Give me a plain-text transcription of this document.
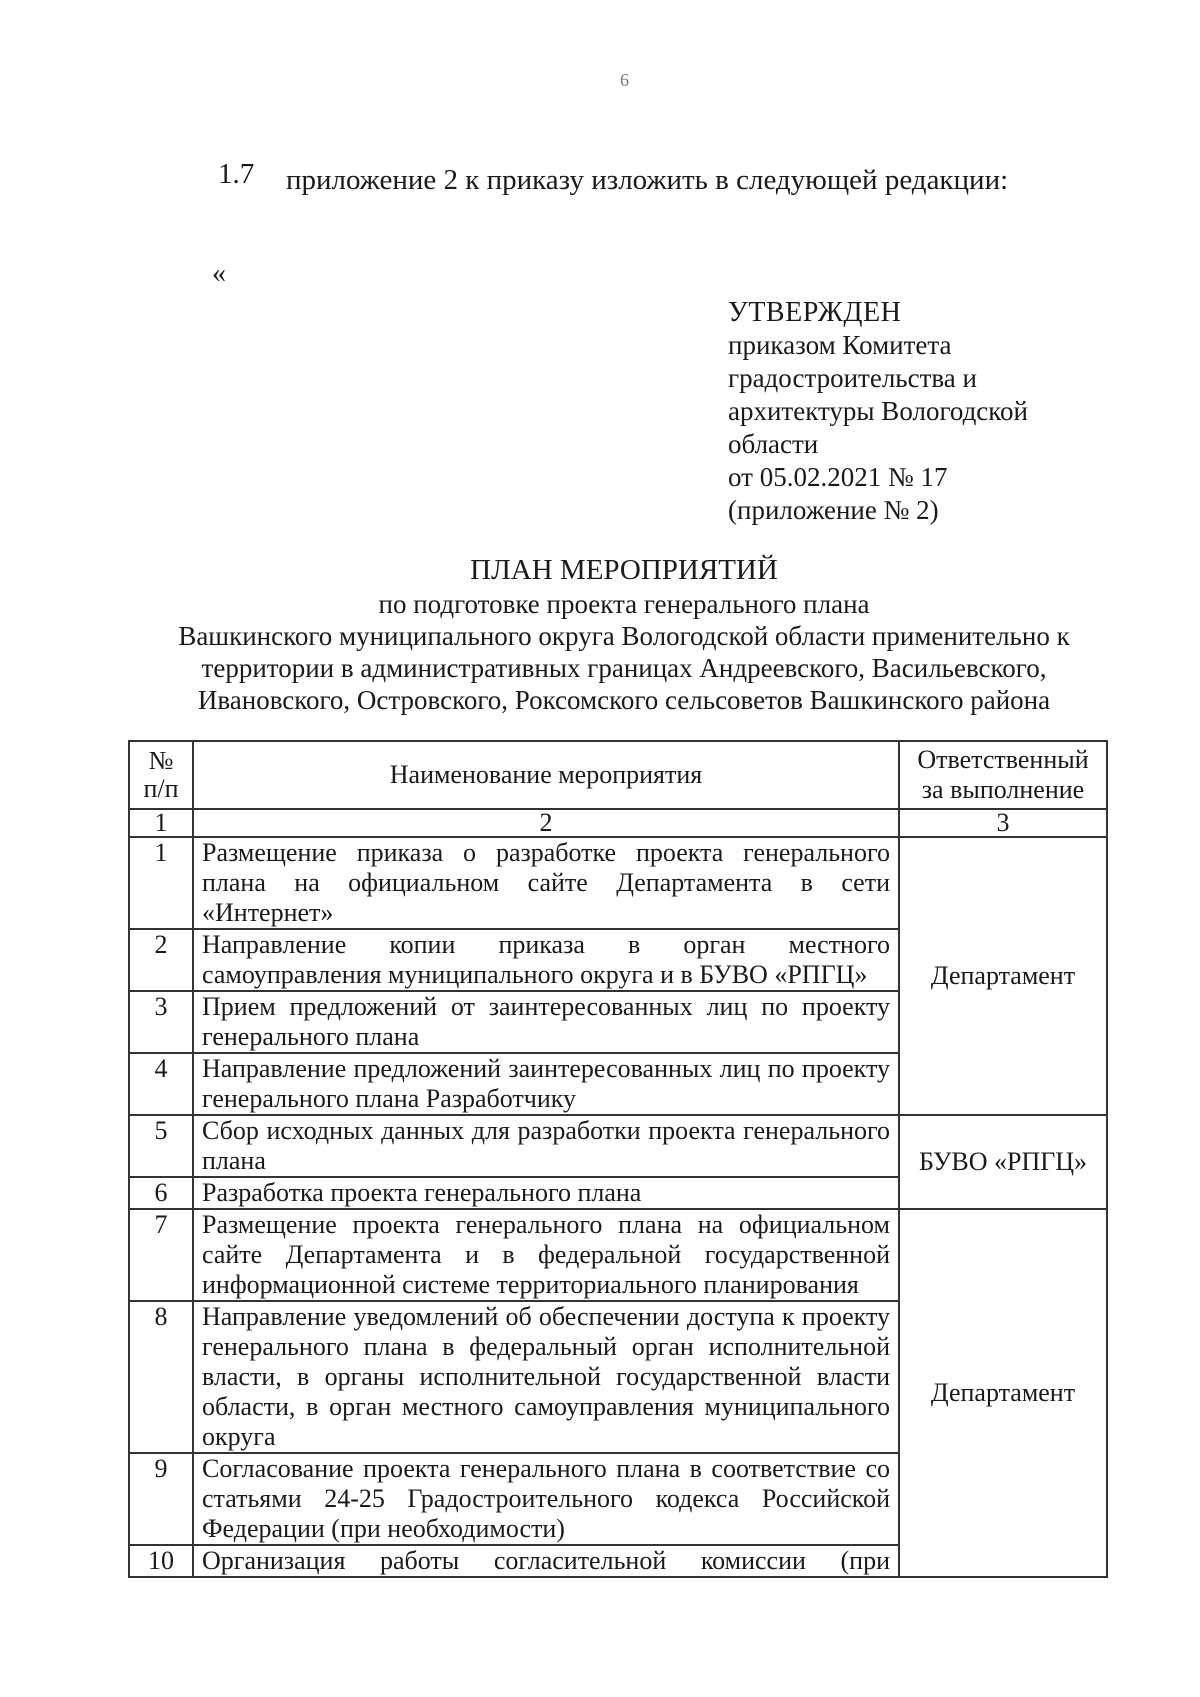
6
1.7 приложение 2 к приказу изложить в следующей редакции:
«
УТВЕРЖДЕН
приказом Комитета
градостроительства и
архитектуры Вологодской
области
от 05.02.2021 № 17
(приложение № 2)
ПЛАН МЕРОПРИЯТИЙ
по подготовке проекта генерального плана
Вашкинского муниципального округа Вологодской области применительно к
территории в административных границах Андреевского, Васильевского,
Ивановского, Островского, Роксомского сельсоветов Вашкинского района
№ п/п	Наименование мероприятия	Ответственный за выполнение
1	2	3
1	Размещение приказа о разработке проекта генерального плана на официальном сайте Департамента в сети «Интернет»	Департамент
2	Направление копии приказа в орган местного самоуправления муниципального округа и в БУВО «РПГЦ»	
3	Прием предложений от заинтересованных лиц по проекту генерального плана	
4	Направление предложений заинтересованных лиц по проекту генерального плана Разработчику	
5	Сбор исходных данных для разработки проекта генерального плана	БУВО «РПГЦ»
6	Разработка проекта генерального плана	
7	Размещение проекта генерального плана на официальном сайте Департамента и в федеральной государственной информационной системе территориального планирования	Департамент
8	Направление уведомлений об обеспечении доступа к проекту генерального плана в федеральный орган исполнительной власти, в органы исполнительной государственной власти области, в орган местного самоуправления муниципального округа	
9	Согласование проекта генерального плана в соответствие со статьями 24-25 Градостроительного кодекса Российской Федерации (при необходимости)	
10	Организация работы согласительной комиссии (при	
